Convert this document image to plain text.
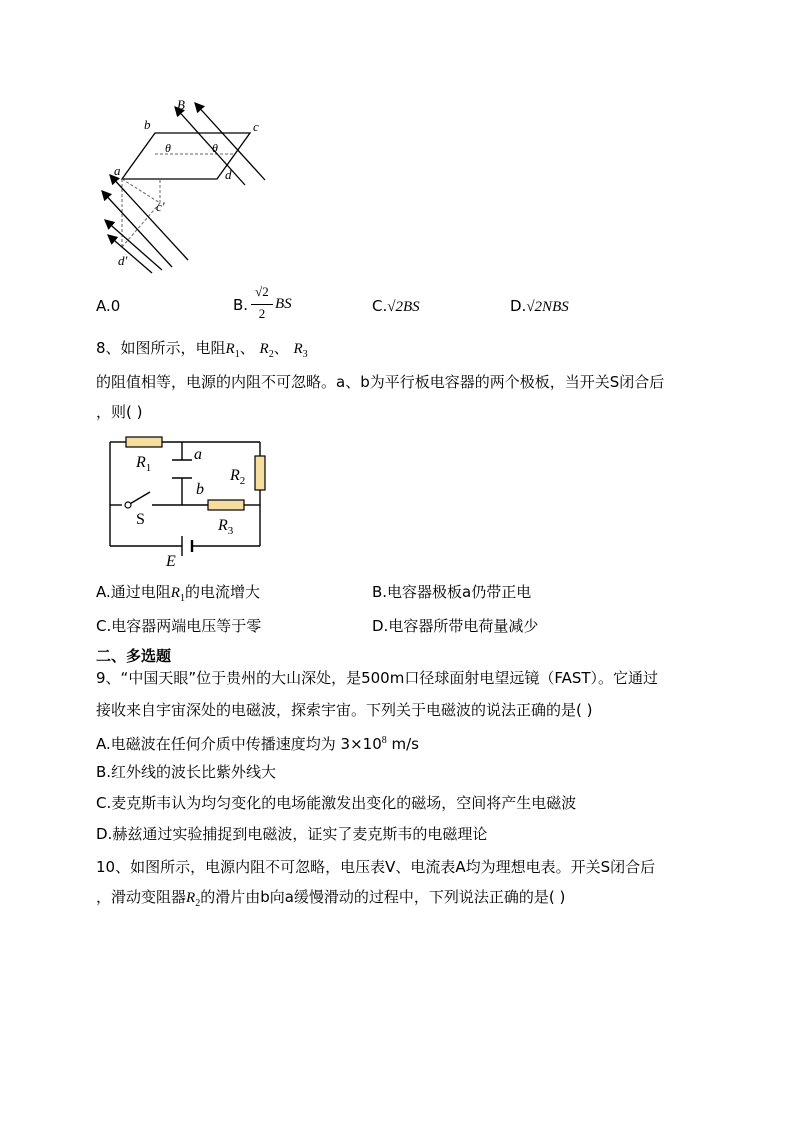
B
b	c
a	d
θ	θ
c'
d'
A.0	B.
√2
2
BS	C.√2BS	D.√2NBS
8、如图所示，电阻$R_1$、 $R_2$、 $R_3$
的阻值相等，电源的内阻不可忽略。a、b为平行板电容器的两个极板，当开关S闭合后
，则( )
$R_1$
a
b
$R_2$
S	$R_3$
E
A.通过电阻$R_1$的电流增大	B.电容器极板a仍带正电
C.电容器两端电压等于零	D.电容器所带电荷量减少
二、多选题
9、“中国天眼”位于贵州的大山深处，是500m口径球面射电望远镜（FAST）。它通过
接收来自宇宙深处的电磁波，探索宇宙。下列关于电磁波的说法正确的是( )
A.电磁波在任何介质中传播速度均为 $3\times 10^8$ m/s
B.红外线的波长比紫外线大
C.麦克斯韦认为均匀变化的电场能激发出变化的磁场，空间将产生电磁波
D.赫兹通过实验捕捉到电磁波，证实了麦克斯韦的电磁理论
10、如图所示，电源内阻不可忽略，电压表V、电流表A均为理想电表。开关S闭合后
，滑动变阻器$R_2$的滑片由b向a缓慢滑动的过程中，下列说法正确的是( )
